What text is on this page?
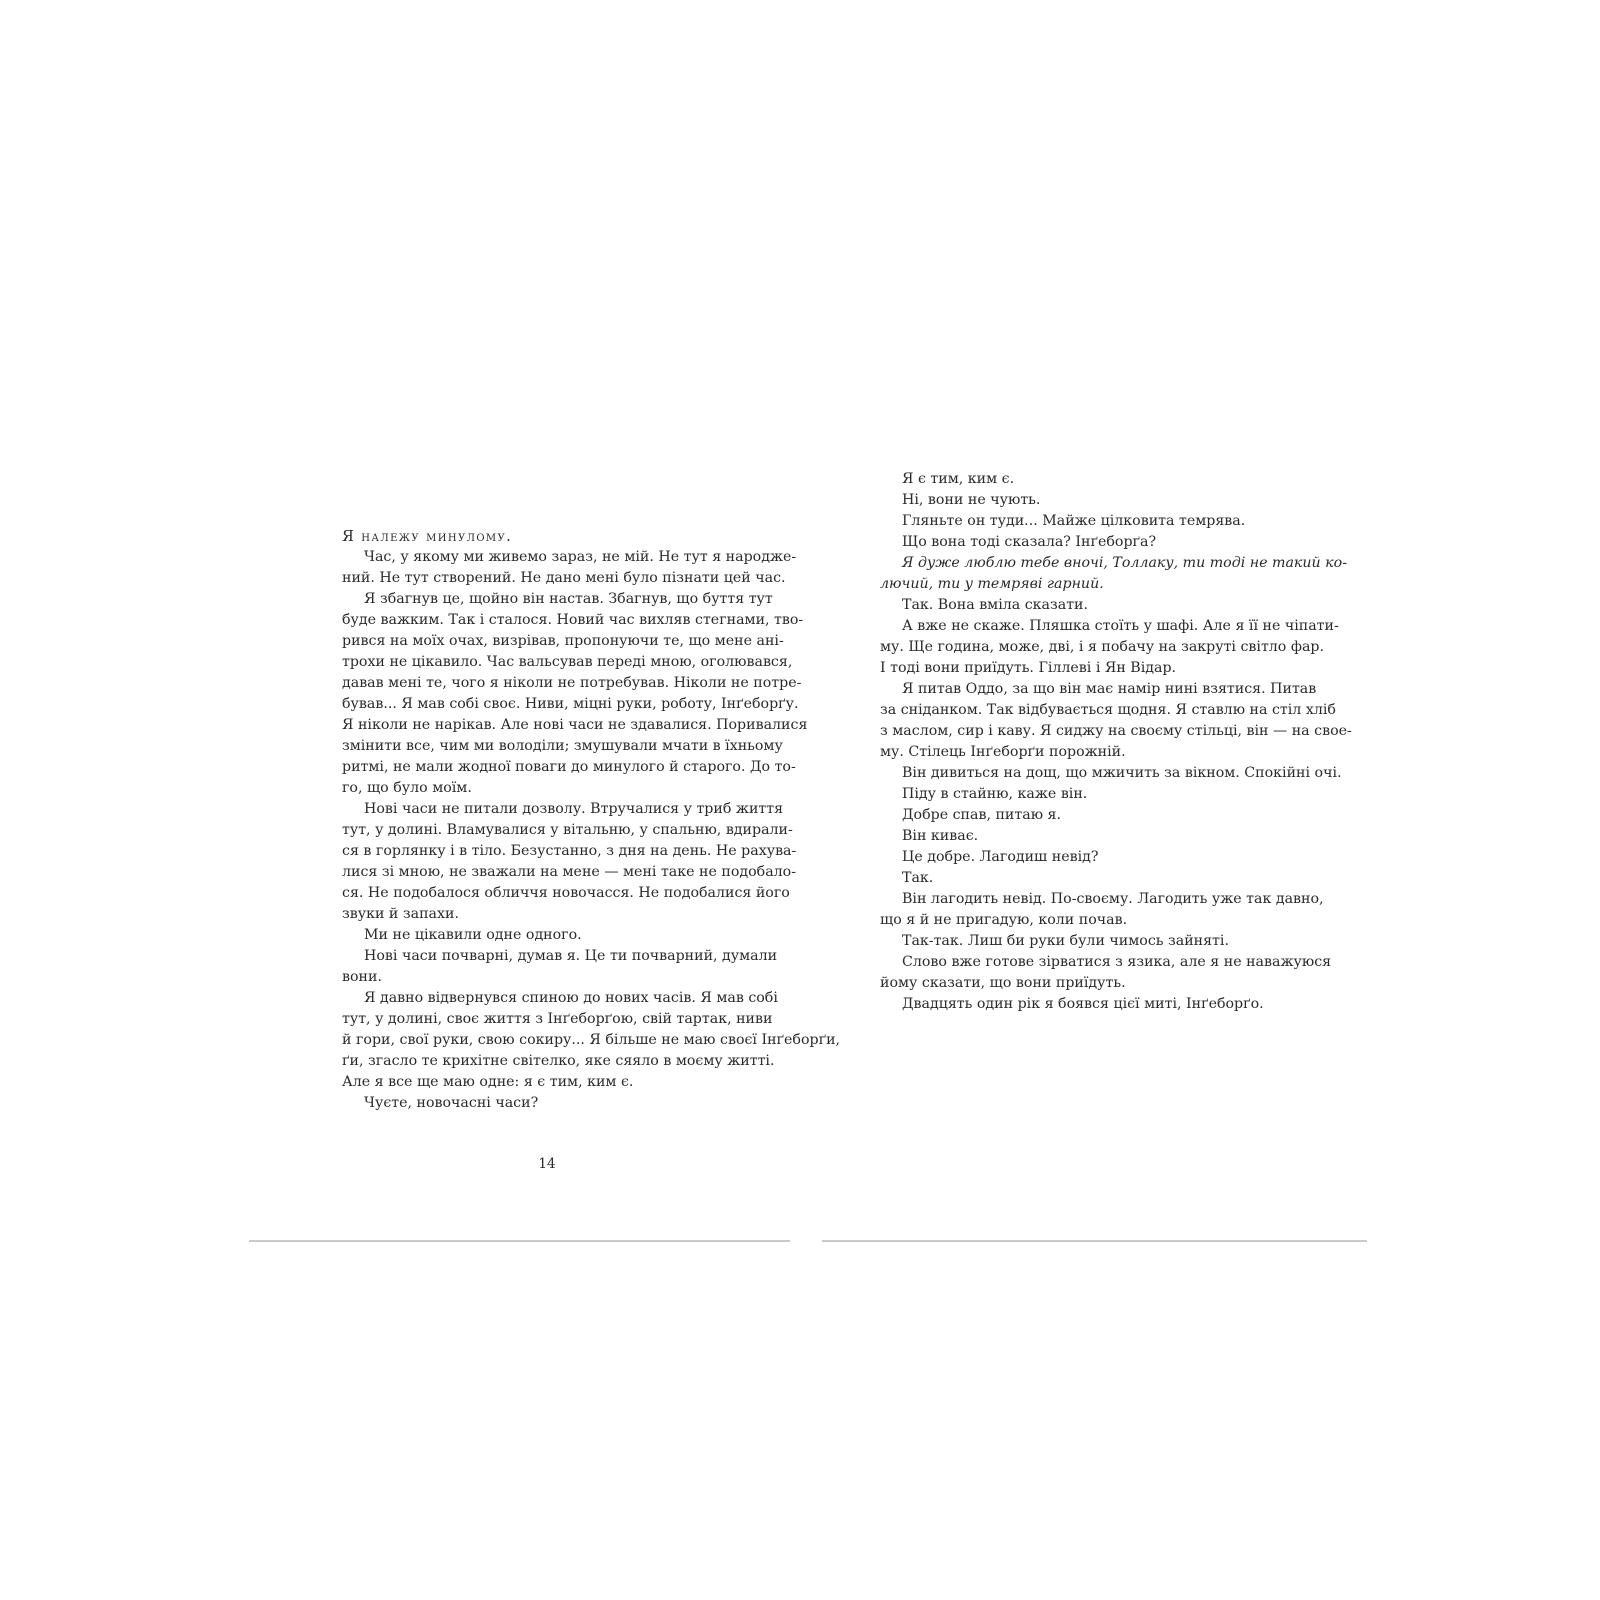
Я належу минулому.
Час, у якому ми живемо зараз, не мій. Не тут я народже-
ний. Не тут створений. Не дано мені було пізнати цей час.
Я збагнув це, щойно він настав. Збагнув, що буття тут
буде важким. Так і сталося. Новий час вихляв стегнами, тво-
рився на моїх очах, визрівав, пропонуючи те, що мене ані-
трохи не цікавило. Час вальсував переді мною, оголювався,
давав мені те, чого я ніколи не потребував. Ніколи не потре-
бував... Я мав собі своє. Ниви, міцні руки, роботу, Інґеборґу.
Я ніколи не нарікав. Але нові часи не здавалися. Поривалися
змінити все, чим ми володіли; змушували мчати в їхньому
ритмі, не мали жодної поваги до минулого й старого. До то-
го, що було моїм.
Нові часи не питали дозволу. Втручалися у триб життя
тут, у долині. Вламувалися у вітальню, у спальню, вдирали-
ся в горлянку і в тіло. Безустанно, з дня на день. Не рахува-
лися зі мною, не зважали на мене — мені таке не подобало-
ся. Не подобалося обличчя новочасся. Не подобалися його
звуки й запахи.
Ми не цікавили одне одного.
Нові часи почварні, думав я. Це ти почварний, думали
вони.
Я давно відвернувся спиною до нових часів. Я мав собі
тут, у долині, своє життя з Інґеборґою, свій тартак, ниви
й гори, свої руки, свою сокиру... Я більше не маю своєї Інґеборґи,
ґи, згасло те крихітне світелко, яке сяяло в моєму житті.
Але я все ще маю одне: я є тим, ким є.
Чуєте, новочасні часи?
14
Я є тим, ким є.
Ні, вони не чують.
Гляньте он туди... Майже цілковита темрява.
Що вона тоді сказала? Інґеборґа?
Я дуже люблю тебе вночі, Толлаку, ти тоді не такий ко-
лючий, ти у темряві гарний.
Так. Вона вміла сказати.
А вже не скаже. Пляшка стоїть у шафі. Але я її не чіпати-
му. Ще година, може, дві, і я побачу на закруті світло фар.
І тоді вони приїдуть. Гіллеві і Ян Відар.
Я питав Оддо, за що він має намір нині взятися. Питав
за сніданком. Так відбувається щодня. Я ставлю на стіл хліб
з маслом, сир і каву. Я сиджу на своєму стільці, він — на свое-
му. Стілець Інґеборґи порожній.
Він дивиться на дощ, що мжичить за вікном. Спокійні очі.
Піду в стайню, каже він.
Добре спав, питаю я.
Він киває.
Це добре. Лагодиш невід?
Так.
Він лагодить невід. По-своєму. Лагодить уже так давно,
що я й не пригадую, коли почав.
Так-так. Лиш би руки були чимось зайняті.
Слово вже готове зірватися з язика, але я не наважуюся
йому сказати, що вони приїдуть.
Двадцять один рік я боявся цієї миті, Інґеборґо.
